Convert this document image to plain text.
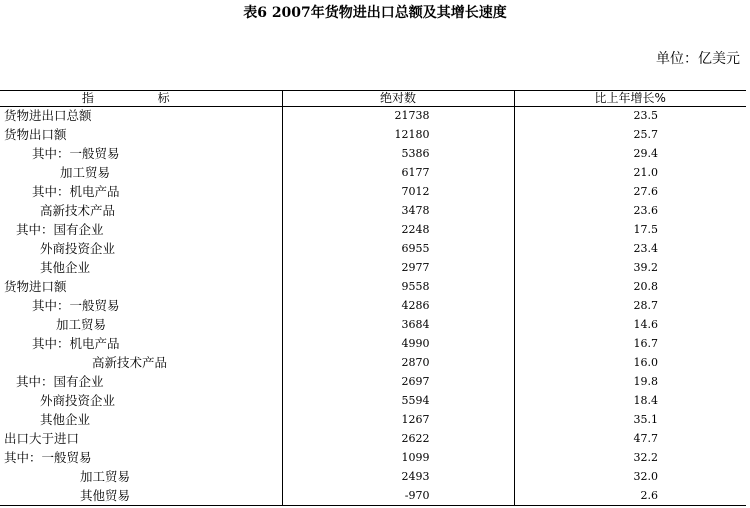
表6 2007年货物进出口总额及其增长速度
单位：亿美元
指 标	绝对数	比上年增长%
货物进出口总额	21738	23.5
货物出口额	12180	25.7
其中：一般贸易	5386	29.4
加工贸易	6177	21.0
其中：机电产品	7012	27.6
高新技术产品	3478	23.6
其中：国有企业	2248	17.5
外商投资企业	6955	23.4
其他企业	2977	39.2
货物进口额	9558	20.8
其中：一般贸易	4286	28.7
加工贸易	3684	14.6
其中：机电产品	4990	16.7
高新技术产品	2870	16.0
其中：国有企业	2697	19.8
外商投资企业	5594	18.4
其他企业	1267	35.1
出口大于进口	2622	47.7
其中：一般贸易	1099	32.2
加工贸易	2493	32.0
其他贸易	-970	2.6
